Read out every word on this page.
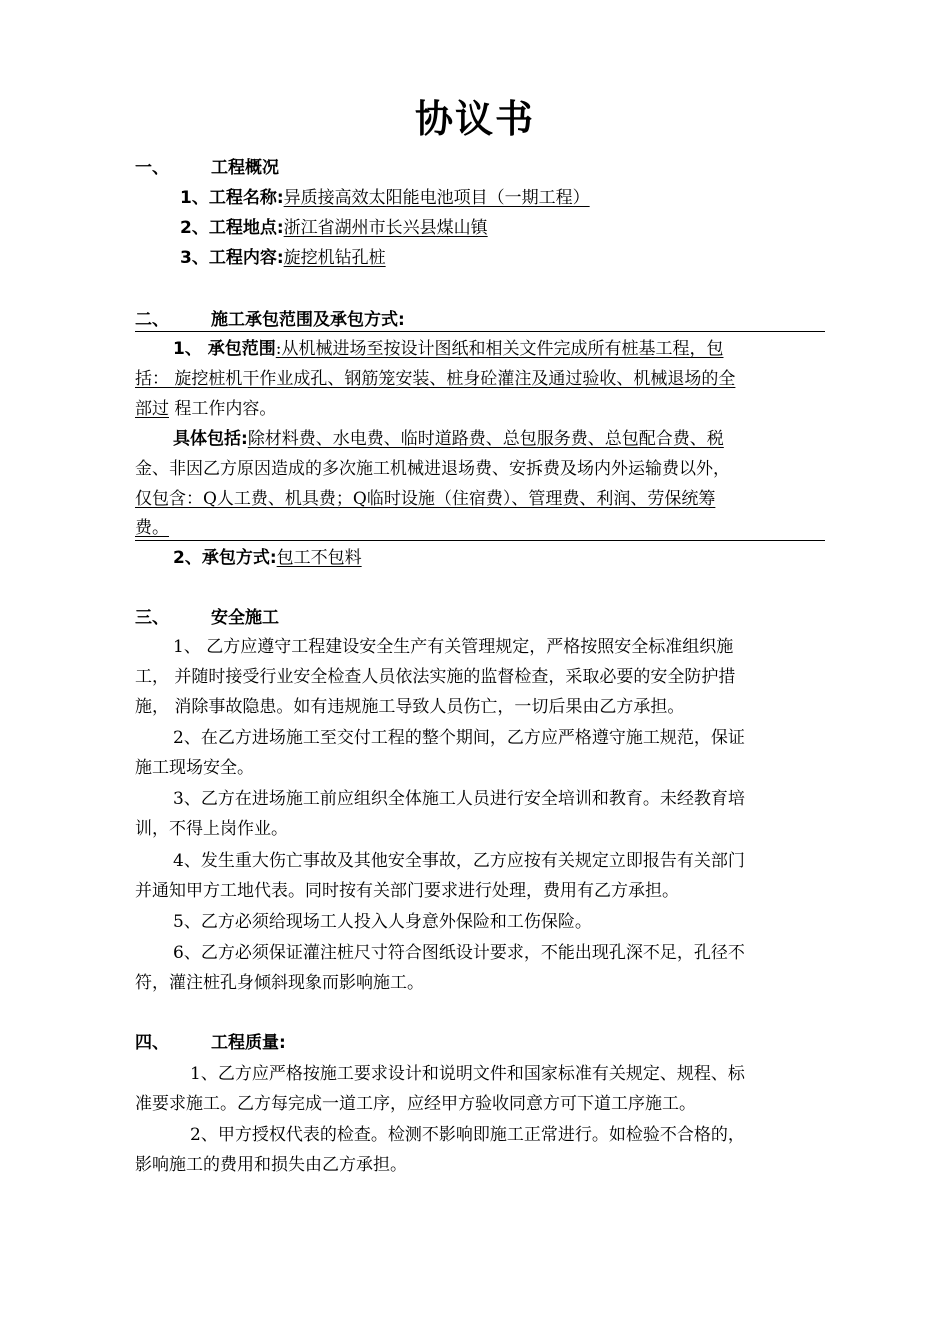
协议书
一、 工程概况
1、工程名称:异质接高效太阳能电池项目（一期工程）
2、工程地点:浙江省湖州市长兴县煤山镇
3、工程内容:旋挖机钻孔桩
二、 施工承包范围及承包方式:
1、 承包范围:从机械进场至按设计图纸和相关文件完成所有桩基工程，包
括： 旋挖桩机干作业成孔、钢筋笼安装、桩身砼灌注及通过验收、机械退场的全
部过 程工作内容。
具体包括:除材料费、水电费、临时道路费、总包服务费、总包配合费、税
金、非因乙方原因造成的多次施工机械进退场费、安拆费及场内外运输费以外，
仅包含：Q人工费、机具费；Q临时设施（住宿费）、管理费、利润、劳保统筹
费。
2、承包方式:包工不包料
三、 安全施工
1、 乙方应遵守工程建设安全生产有关管理规定，严格按照安全标准组织施
工， 并随时接受行业安全检查人员依法实施的监督检查，采取必要的安全防护措
施， 消除事故隐患。如有违规施工导致人员伤亡，一切后果由乙方承担。
2、在乙方进场施工至交付工程的整个期间，乙方应严格遵守施工规范，保证
施工现场安全。
3、乙方在进场施工前应组织全体施工人员进行安全培训和教育。未经教育培
训，不得上岗作业。
4、发生重大伤亡事故及其他安全事故，乙方应按有关规定立即报告有关部门
并通知甲方工地代表。同时按有关部门要求进行处理，费用有乙方承担。
5、乙方必须给现场工人投入人身意外保险和工伤保险。
6、乙方必须保证灌注桩尺寸符合图纸设计要求，不能出现孔深不足，孔径不
符，灌注桩孔身倾斜现象而影响施工。
四、 工程质量:
1、乙方应严格按施工要求设计和说明文件和国家标准有关规定、规程、标
准要求施工。乙方每完成一道工序，应经甲方验收同意方可下道工序施工。
2、甲方授权代表的检查。检测不影响即施工正常进行。如检验不合格的，
影响施工的费用和损失由乙方承担。
